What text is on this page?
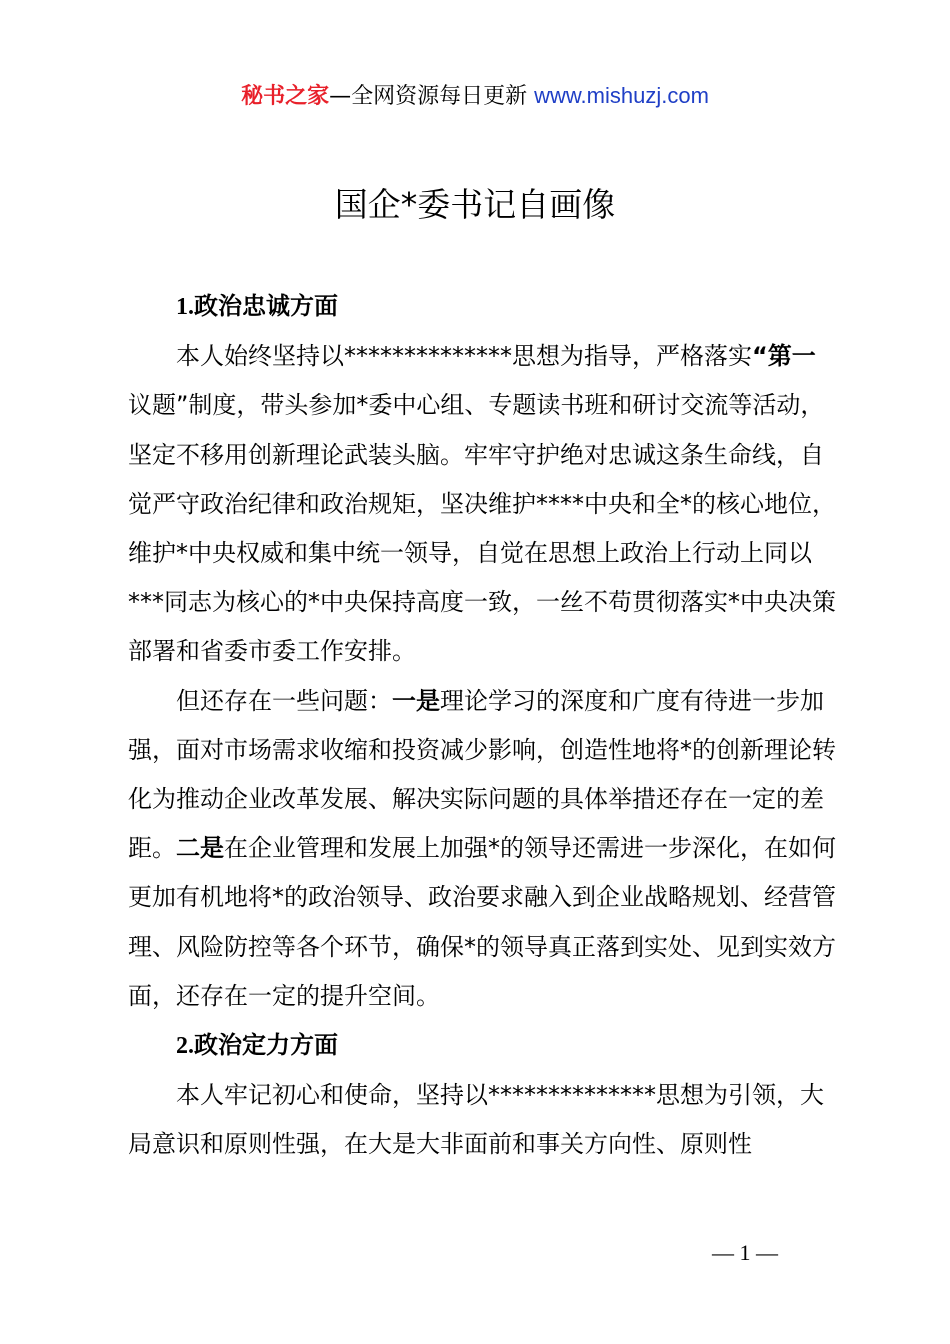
秘书之家—全网资源每日更新 www.mishuzj.com
国企*委书记自画像
1.政治忠诚方面

本人始终坚持以**************思想为指导，严格落实“第一议题”制度，带头参加*委中心组、专题读书班和研讨交流等活动，坚定不移用创新理论武装头脑。牢牢守护绝对忠诚这条生命线，自觉严守政治纪律和政治规矩，坚决维护****中央和全*的核心地位，维护*中央权威和集中统一领导，自觉在思想上政治上行动上同以***同志为核心的*中央保持高度一致，一丝不苟贯彻落实*中央决策部署和省委市委工作安排。

但还存在一些问题：一是理论学习的深度和广度有待进一步加强，面对市场需求收缩和投资减少影响，创造性地将*的创新理论转化为推动企业改革发展、解决实际问题的具体举措还存在一定的差距。二是在企业管理和发展上加强*的领导还需进一步深化，在如何更加有机地将*的政治领导、政治要求融入到企业战略规划、经营管理、风险防控等各个环节，确保*的领导真正落到实处、见到实效方面，还存在一定的提升空间。

2.政治定力方面

本人牢记初心和使命，坚持以**************思想为引领，大局意识和原则性强，在大是大非面前和事关方向性、原则性

— 1 —
